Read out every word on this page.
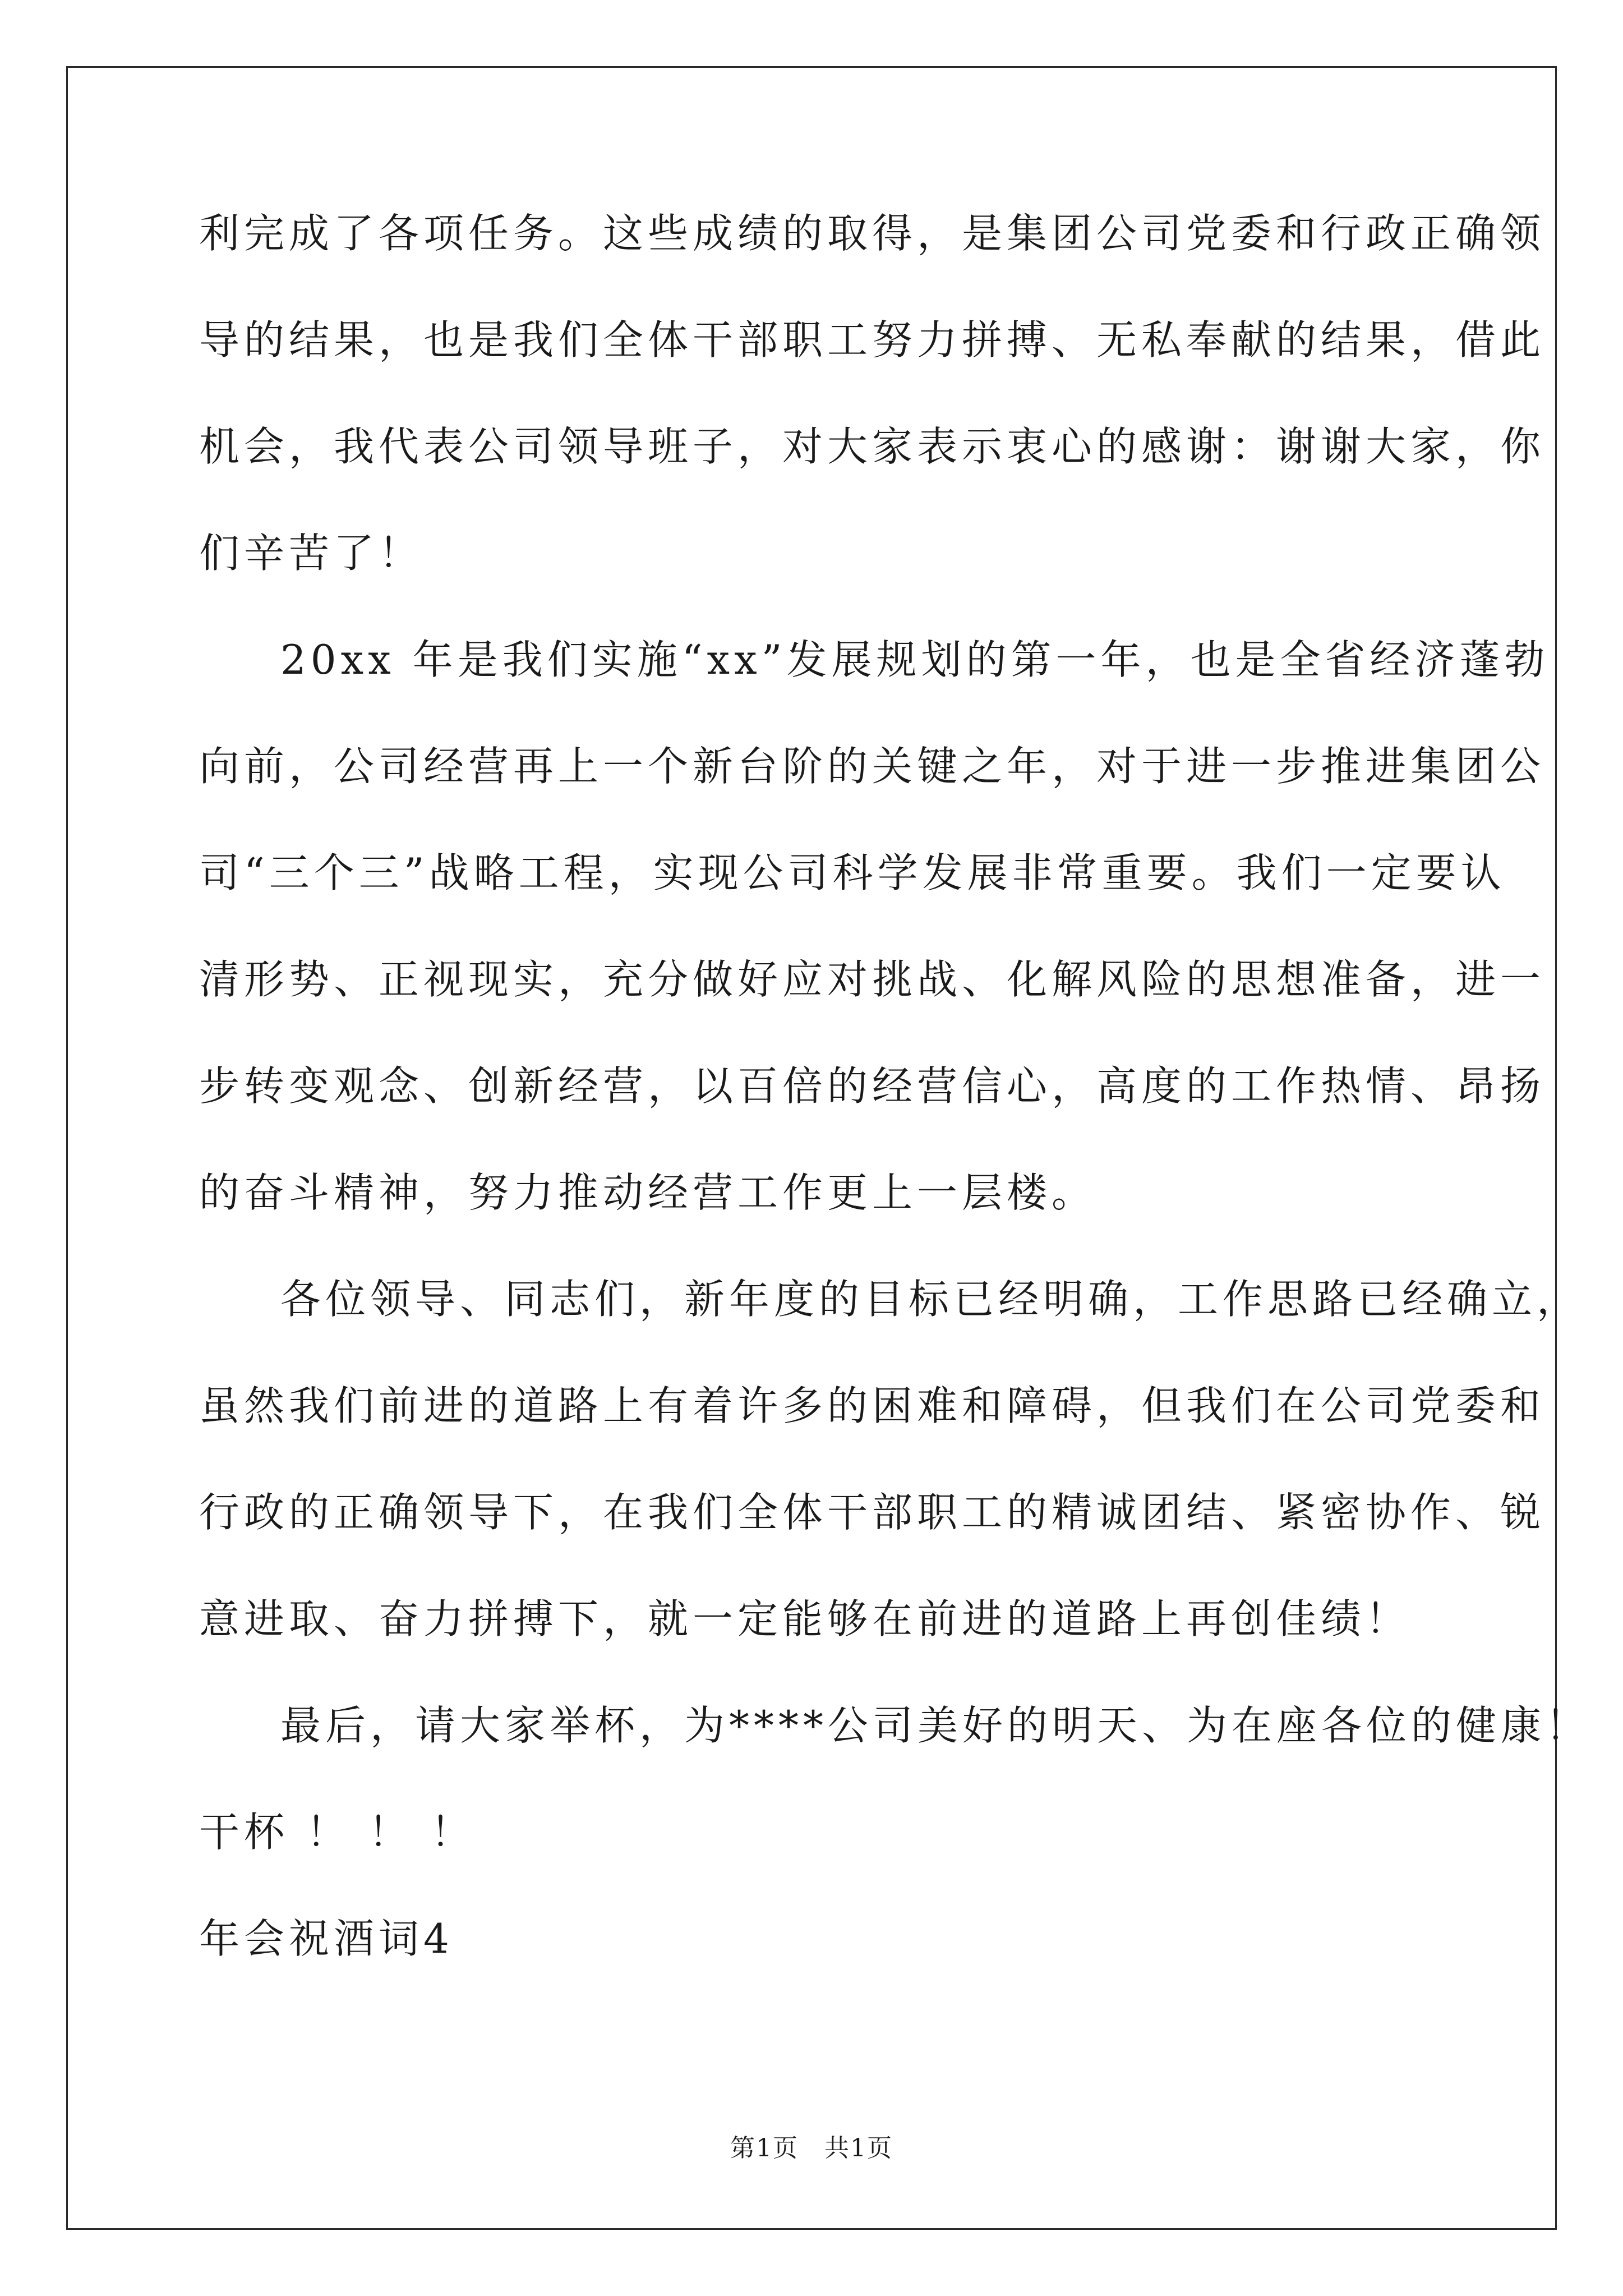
利完成了各项任务。这些成绩的取得，是集团公司党委和行政正确领
导的结果，也是我们全体干部职工努力拼搏、无私奉献的结果，借此
机会，我代表公司领导班子，对大家表示衷心的感谢：谢谢大家，你
们辛苦了！
20xx 年是我们实施“xx”发展规划的第一年，也是全省经济蓬勃
向前，公司经营再上一个新台阶的关键之年，对于进一步推进集团公
司“三个三”战略工程，实现公司科学发展非常重要。我们一定要认
清形势、正视现实，充分做好应对挑战、化解风险的思想准备，进一
步转变观念、创新经营，以百倍的经营信心，高度的工作热情、昂扬
的奋斗精神，努力推动经营工作更上一层楼。
各位领导、同志们，新年度的目标已经明确，工作思路已经确立，
虽然我们前进的道路上有着许多的困难和障碍，但我们在公司党委和
行政的正确领导下，在我们全体干部职工的精诚团结、紧密协作、锐
意进取、奋力拼搏下，就一定能够在前进的道路上再创佳绩！
最后，请大家举杯，为****公司美好的明天、为在座各位的健康！
干杯 ！ ！ ！
年会祝酒词4
第1页　共1页
